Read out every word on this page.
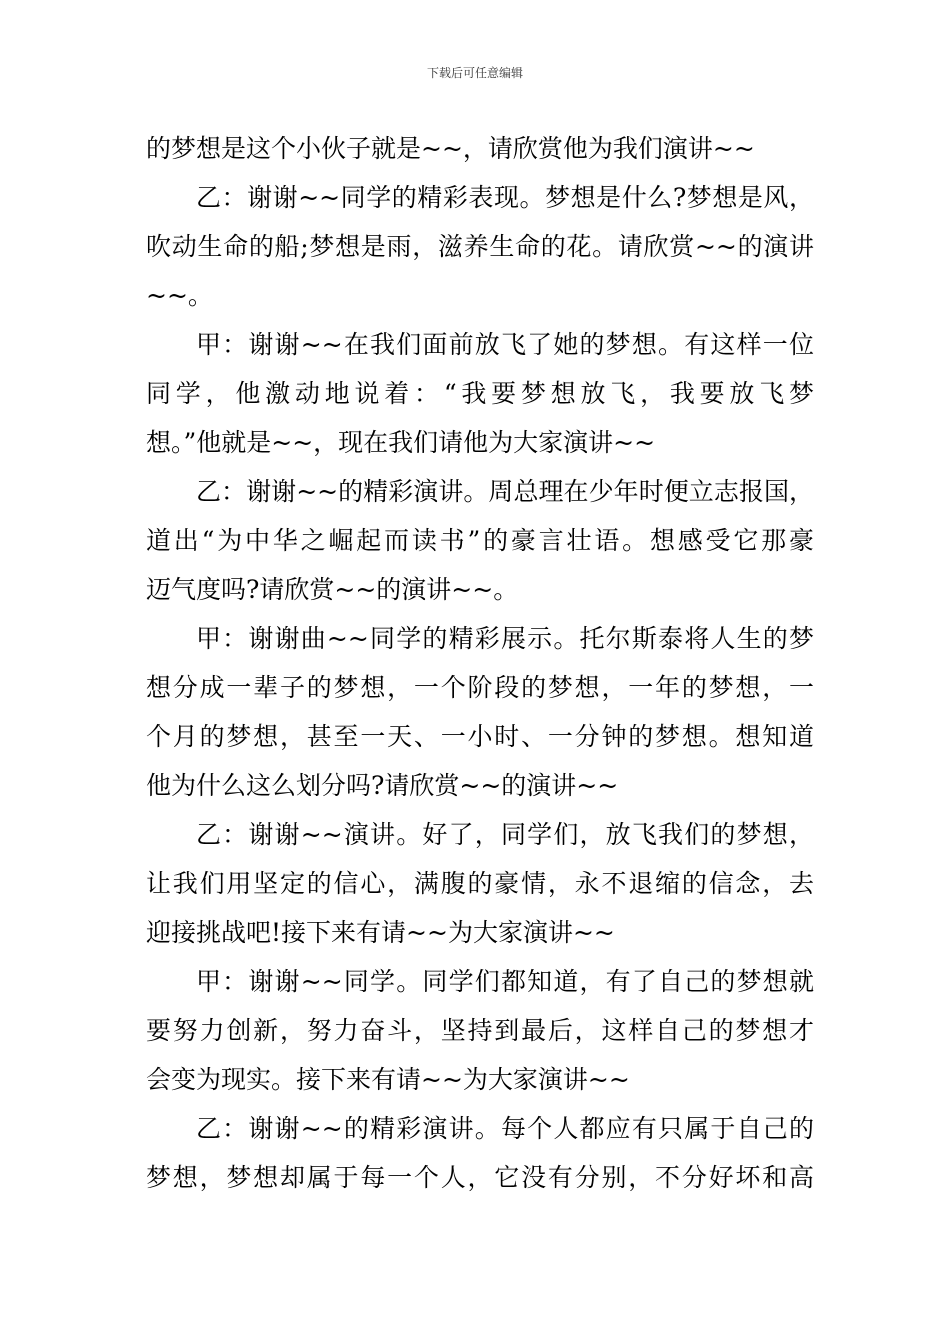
下载后可任意编辑
的梦想是这个小伙子就是~~，请欣赏他为我们演讲~~
乙：谢谢~~同学的精彩表现。梦想是什么?梦想是风，
吹动生命的船;梦想是雨，滋养生命的花。请欣赏~~的演讲
~~。
甲：谢谢~~在我们面前放飞了她的梦想。有这样一位
同学，他激动地说着：“我要梦想放飞，我要放飞梦
想。”他就是~~，现在我们请他为大家演讲~~
乙：谢谢~~的精彩演讲。周总理在少年时便立志报国，
道出“为中华之崛起而读书”的豪言壮语。想感受它那豪
迈气度吗?请欣赏~~的演讲~~。
甲：谢谢曲~~同学的精彩展示。托尔斯泰将人生的梦
想分成一辈子的梦想，一个阶段的梦想，一年的梦想，一
个月的梦想，甚至一天、一小时、一分钟的梦想。想知道
他为什么这么划分吗?请欣赏~~的演讲~~
乙：谢谢~~演讲。好了，同学们，放飞我们的梦想，
让我们用坚定的信心，满腹的豪情，永不退缩的信念，去
迎接挑战吧!接下来有请~~为大家演讲~~
甲：谢谢~~同学。同学们都知道，有了自己的梦想就
要努力创新，努力奋斗，坚持到最后，这样自己的梦想才
会变为现实。接下来有请~~为大家演讲~~
乙：谢谢~~的精彩演讲。每个人都应有只属于自己的
梦想，梦想却属于每一个人，它没有分别，不分好坏和高
